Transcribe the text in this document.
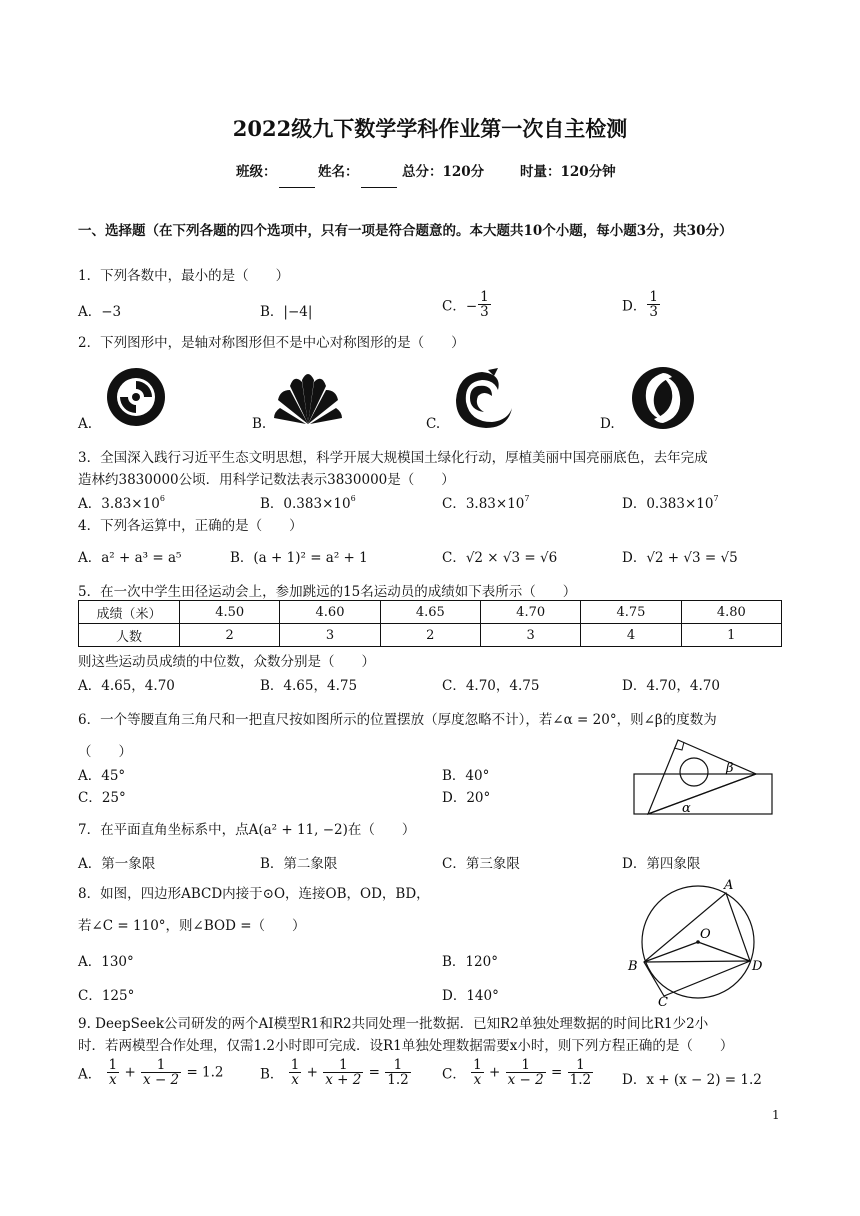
2022级九下数学学科作业第一次自主检测
班级：	姓名：	总分：120分	时量：120分钟
一、选择题（在下列各题的四个选项中，只有一项是符合题意的。本大题共10个小题，每小题3分，共30分）
1．下列各数中，最小的是（　　）
A．−3	B．|−4|	C．− $\frac{1}{3}$	D． $\frac{1}{3}$
2．下列图形中，是轴对称图形但不是中心对称图形的是（　　）
A.	B.	C.	D.
3．全国深入践行习近平生态文明思想，科学开展大规模国土绿化行动，厚植美丽中国亮丽底色，去年完成
造林约3830000公顷．用科学记数法表示3830000是（　　）
A．$3.83\times 10^6$	B．$0.383\times 10^6$	C．$3.83\times 10^7$	D．$0.383\times 10^7$
4．下列各运算中，正确的是（　　）
A．a² + a³ = a⁵	B．(a + 1)² = a² + 1	C．√2 × √3 = √6	D．√2 + √3 = √5
5．在一次中学生田径运动会上，参加跳远的15名运动员的成绩如下表所示（　　）
成绩（米）	4.50	4.60	4.65	4.70	4.75	4.80
人数	2	3	2	3	4	1
则这些运动员成绩的中位数，众数分别是（　　）
A．4.65，4.70	B．4.65，4.75	C．4.70，4.75	D．4.70，4.70
6．一个等腰直角三角尺和一把直尺按如图所示的位置摆放（厚度忽略不计），若∠α = 20°，则∠β的度数为
（　　）
A．45°	B．40°
C．25°	D．20°
β
α
7．在平面直角坐标系中，点A(a² + 11, −2)在（　　）
A．第一象限	B．第二象限	C．第三象限	D．第四象限
8．如图，四边形ABCD内接于⊙O，连接OB，OD，BD，
若∠C = 110°，则∠BOD =（　　）
A．130°	B．120°
C．125°	D．140°
A
B
C
D
O
9. DeepSeek公司研发的两个AI模型R1和R2共同处理一批数据．已知R2单独处理数据的时间比R1少2小
时．若两模型合作处理，仅需1.2小时即可完成．设R1单独处理数据需要x小时，则下列方程正确的是（　　）
A． $\frac{1}{x} + \frac{1}{x - 2} = 1.2$	B． $\frac{1}{x} + \frac{1}{x + 2} = \frac{1}{1.2}$ C． $\frac{1}{x} + \frac{1}{x - 2} = \frac{1}{1.2}$ D．x + (x − 2) = 1.2
1
